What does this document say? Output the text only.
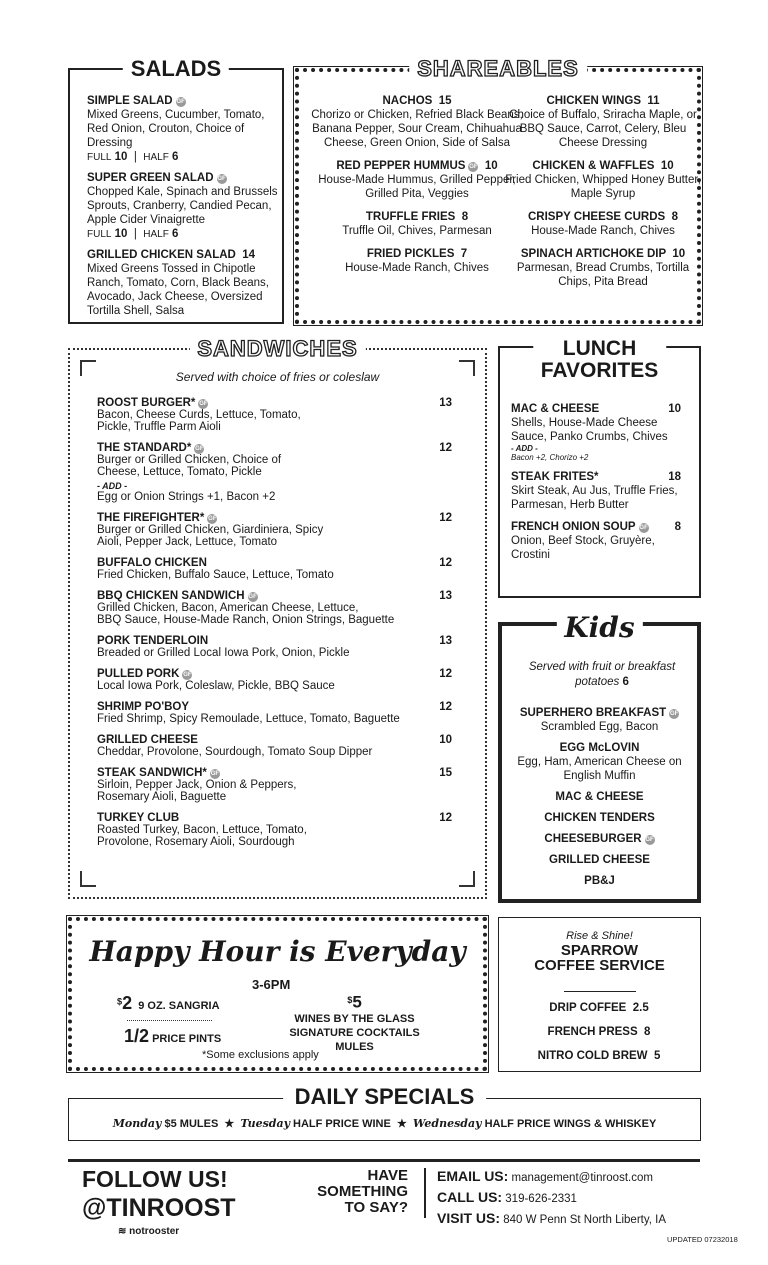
SALADS
SIMPLE SALAD GF
Mixed Greens, Cucumber, Tomato, Red Onion, Crouton, Choice of Dressing
FULL 10  |  HALF 6
SUPER GREEN SALAD GF
Chopped Kale, Spinach and Brussels Sprouts, Cranberry, Candied Pecan, Apple Cider Vinaigrette
FULL 10  |  HALF 6
GRILLED CHICKEN SALAD 14
Mixed Greens Tossed in Chipotle Ranch, Tomato, Corn, Black Beans, Avocado, Jack Cheese, Oversized Tortilla Shell, Salsa
SHAREABLES
NACHOS 15
Chorizo or Chicken, Refried Black Beans, Banana Pepper, Sour Cream, Chihuahua Cheese, Green Onion, Side of Salsa
RED PEPPER HUMMUS GF 10
House-Made Hummus, Grilled Pepper, Grilled Pita, Veggies
TRUFFLE FRIES 8
Truffle Oil, Chives, Parmesan
FRIED PICKLES 7
House-Made Ranch, Chives
CHICKEN WINGS 11
Choice of Buffalo, Sriracha Maple, or BBQ Sauce, Carrot, Celery, Bleu Cheese Dressing
CHICKEN & WAFFLES 10
Fried Chicken, Whipped Honey Butter, Maple Syrup
CRISPY CHEESE CURDS 8
House-Made Ranch, Chives
SPINACH ARTICHOKE DIP 10
Parmesan, Bread Crumbs, Tortilla Chips, Pita Bread
SANDWICHES
Served with choice of fries or coleslaw
ROOST BURGER* GF	13
Bacon, Cheese Curds, Lettuce, Tomato,
Pickle, Truffle Parm Aioli
THE STANDARD* GF	12
Burger or Grilled Chicken, Choice of
Cheese, Lettuce, Tomato, Pickle
- ADD -
Egg or Onion Strings +1, Bacon +2
THE FIREFIGHTER* GF	12
Burger or Grilled Chicken, Giardiniera, Spicy
Aioli, Pepper Jack, Lettuce, Tomato
BUFFALO CHICKEN	12
Fried Chicken, Buffalo Sauce, Lettuce, Tomato
BBQ CHICKEN SANDWICH GF	13
Grilled Chicken, Bacon, American Cheese, Lettuce,
BBQ Sauce, House-Made Ranch, Onion Strings, Baguette
PORK TENDERLOIN	13
Breaded or Grilled Local Iowa Pork, Onion, Pickle
PULLED PORK GF	12
Local Iowa Pork, Coleslaw, Pickle, BBQ Sauce
SHRIMP PO'BOY	12
Fried Shrimp, Spicy Remoulade, Lettuce, Tomato, Baguette
GRILLED CHEESE	10
Cheddar, Provolone, Sourdough, Tomato Soup Dipper
STEAK SANDWICH* GF	15
Sirloin, Pepper Jack, Onion & Peppers,
Rosemary Aioli, Baguette
TURKEY CLUB	12
Roasted Turkey, Bacon, Lettuce, Tomato,
Provolone, Rosemary Aioli, Sourdough
LUNCH
FAVORITES
MAC & CHEESE	10
Shells, House-Made Cheese Sauce, Panko Crumbs, Chives
- ADD -
Bacon +2, Chorizo +2
STEAK FRITES*	18
Skirt Steak, Au Jus, Truffle Fries, Parmesan, Herb Butter
FRENCH ONION SOUP GF	8
Onion, Beef Stock, Gruyère, Crostini
Kids
Served with fruit or breakfast potatoes 6
SUPERHERO BREAKFAST GF
Scrambled Egg, Bacon
EGG McLOVIN
Egg, Ham, American Cheese on English Muffin
MAC & CHEESE
CHICKEN TENDERS
CHEESEBURGER GF
GRILLED CHEESE
PB&J
Happy Hour is Everyday
3-6PM
$2 9 OZ. SANGRIA
1/2 PRICE PINTS
$5
WINES BY THE GLASS
SIGNATURE COCKTAILS
MULES
*Some exclusions apply
Rise & Shine!
SPARROW
COFFEE SERVICE
DRIP COFFEE 2.5
FRENCH PRESS 8
NITRO COLD BREW 5
DAILY SPECIALS
Monday $5 MULES ★ Tuesday HALF PRICE WINE ★ Wednesday HALF PRICE WINGS & WHISKEY
FOLLOW US!
@TINROOST
≋ notrooster
HAVE
SOMETHING
TO SAY?
EMAIL US: management@tinroost.com
CALL US: 319-626-2331
VISIT US: 840 W Penn St North Liberty, IA
UPDATED 07232018
